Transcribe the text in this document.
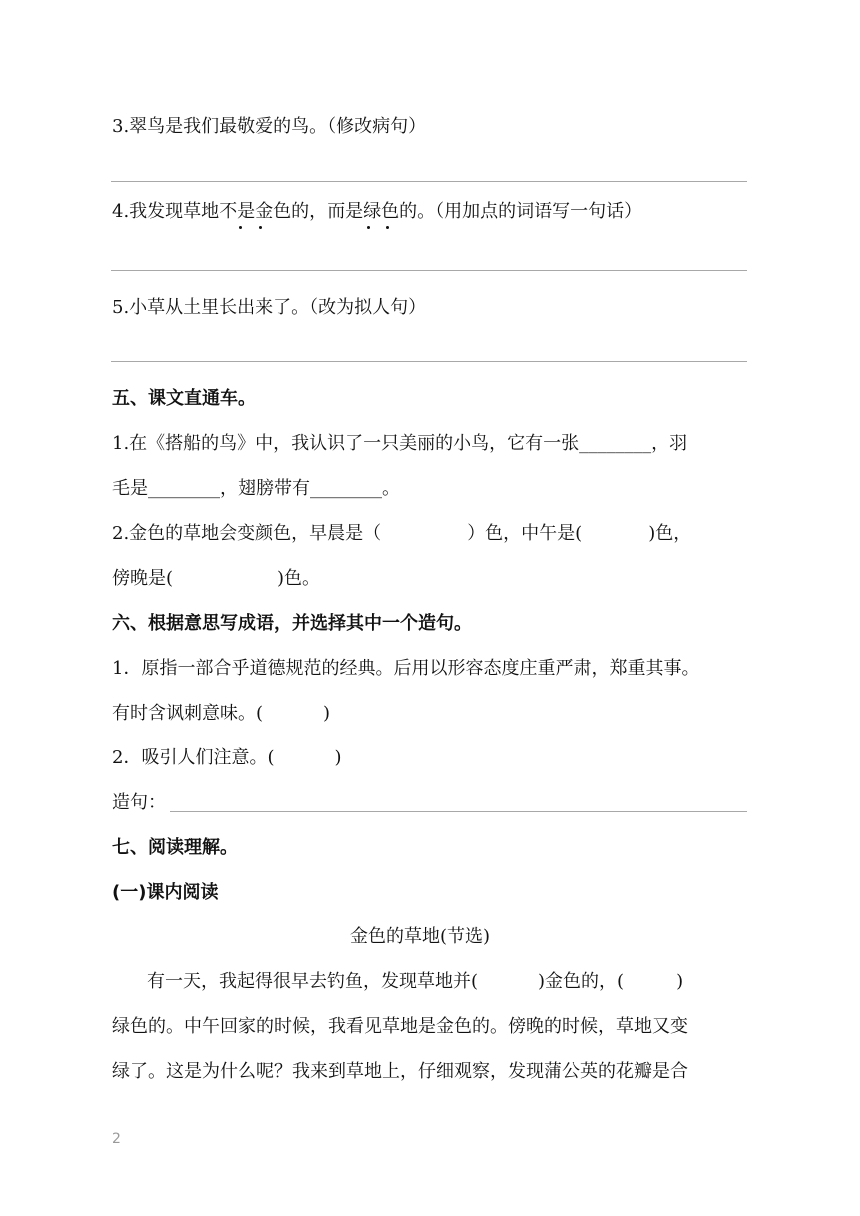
3.翠鸟是我们最敬爱的鸟。（修改病句）
4.我发现草地不是金色的，而是绿色的。（用加点的词语写一句话）
5.小草从土里长出来了。（改为拟人句）
五、课文直通车。
1.在《搭船的鸟》中，我认识了一只美丽的小鸟，它有一张________，羽
毛是________，翅膀带有________。
2.金色的草地会变颜色，早晨是（	）色，中午是(	)色，
傍晚是(	)色。
六、根据意思写成语，并选择其中一个造句。
1．原指一部合乎道德规范的经典。后用以形容态度庄重严肃，郑重其事。
有时含讽刺意味。(	)
2．吸引人们注意。(	)
造句：
七、阅读理解。
(一)课内阅读
金色的草地(节选)
有一天，我起得很早去钓鱼，发现草地并(	)金色的，(	)
绿色的。中午回家的时候，我看见草地是金色的。傍晚的时候，草地又变
绿了。这是为什么呢？我来到草地上，仔细观察，发现蒲公英的花瓣是合
2
